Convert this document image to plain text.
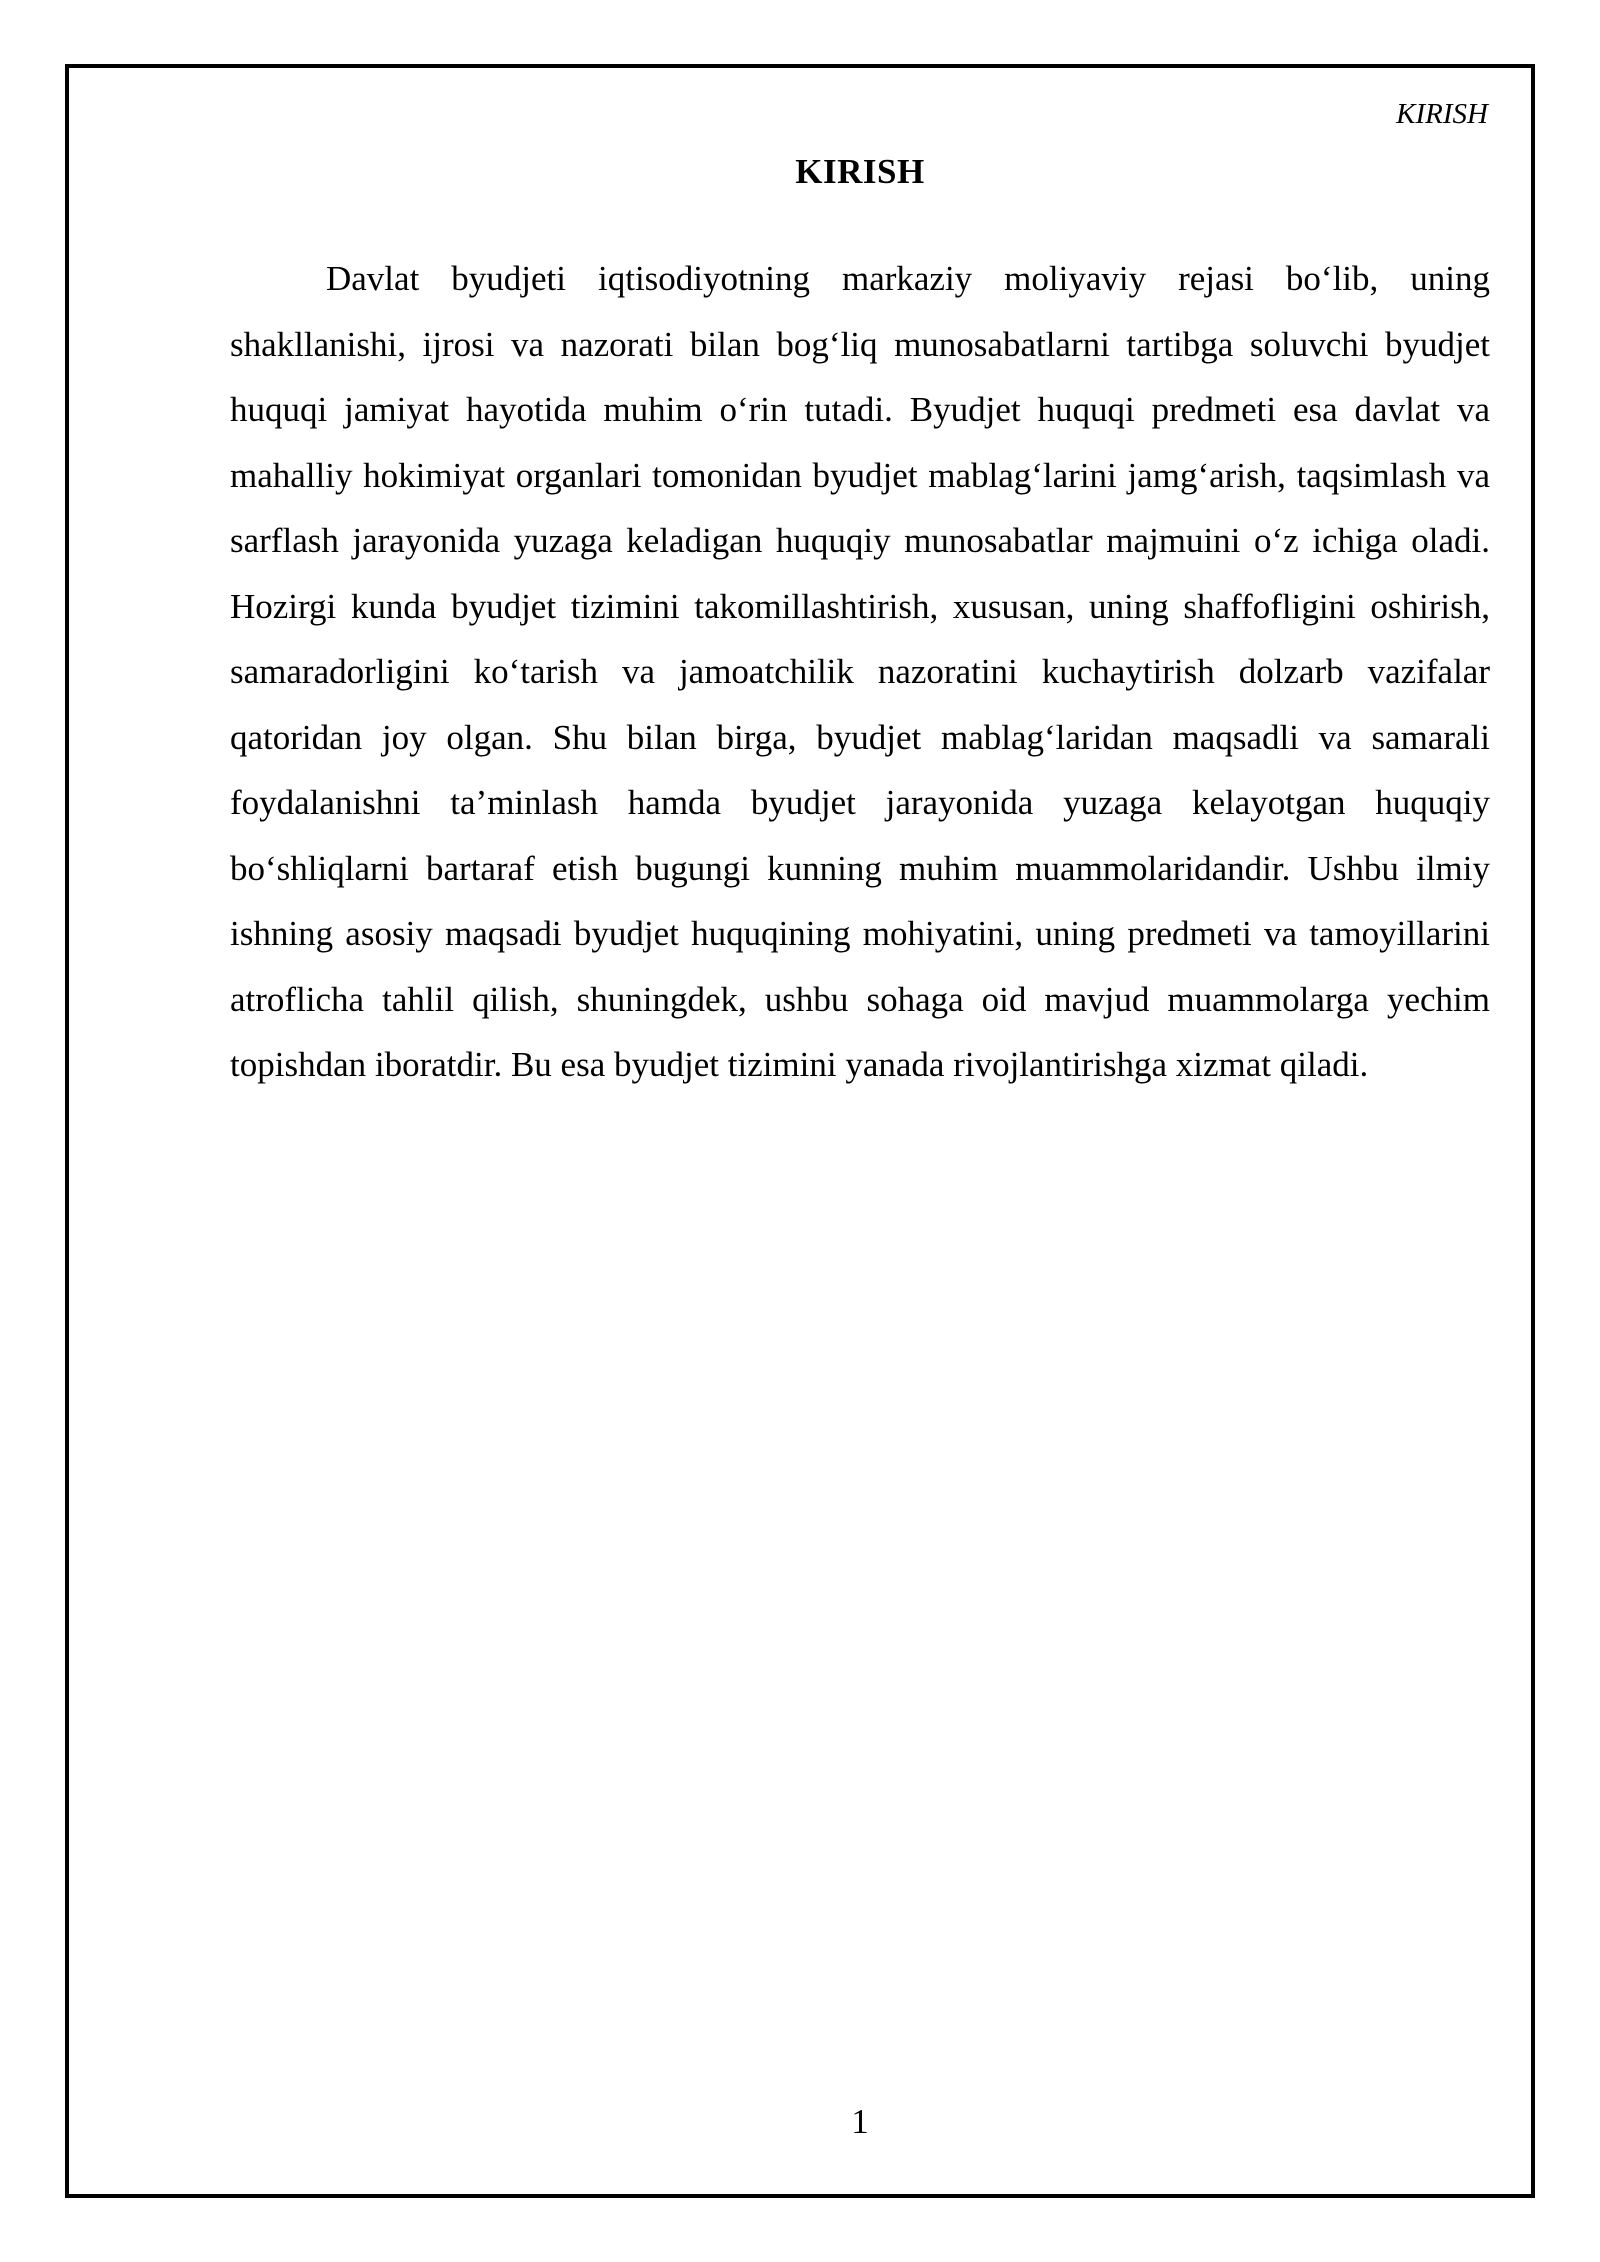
KIRISH
KIRISH

Davlat byudjeti iqtisodiyotning markaziy moliyaviy rejasi bo‘lib, uning shakllanishi, ijrosi va nazorati bilan bog‘liq munosabatlarni tartibga soluvchi byudjet huquqi jamiyat hayotida muhim o‘rin tutadi. Byudjet huquqi predmeti esa davlat va mahalliy hokimiyat organlari tomonidan byudjet mablag‘larini jamg‘arish, taqsimlash va sarflash jarayonida yuzaga keladigan huquqiy munosabatlar majmuini o‘z ichiga oladi. Hozirgi kunda byudjet tizimini takomillashtirish, xususan, uning shaffofligini oshirish, samaradorligini ko‘tarish va jamoatchilik nazoratini kuchaytirish dolzarb vazifalar qatoridan joy olgan. Shu bilan birga, byudjet mablag‘laridan maqsadli va samarali foydalanishni ta’minlash hamda byudjet jarayonida yuzaga kelayotgan huquqiy bo‘shliqlarni bartaraf etish bugungi kunning muhim muammolaridandir. Ushbu ilmiy ishning asosiy maqsadi byudjet huquqining mohiyatini, uning predmeti va tamoyillarini atroflicha tahlil qilish, shuningdek, ushbu sohaga oid mavjud muammolarga yechim topishdan iboratdir. Bu esa byudjet tizimini yanada rivojlantirishga xizmat qiladi.

1
